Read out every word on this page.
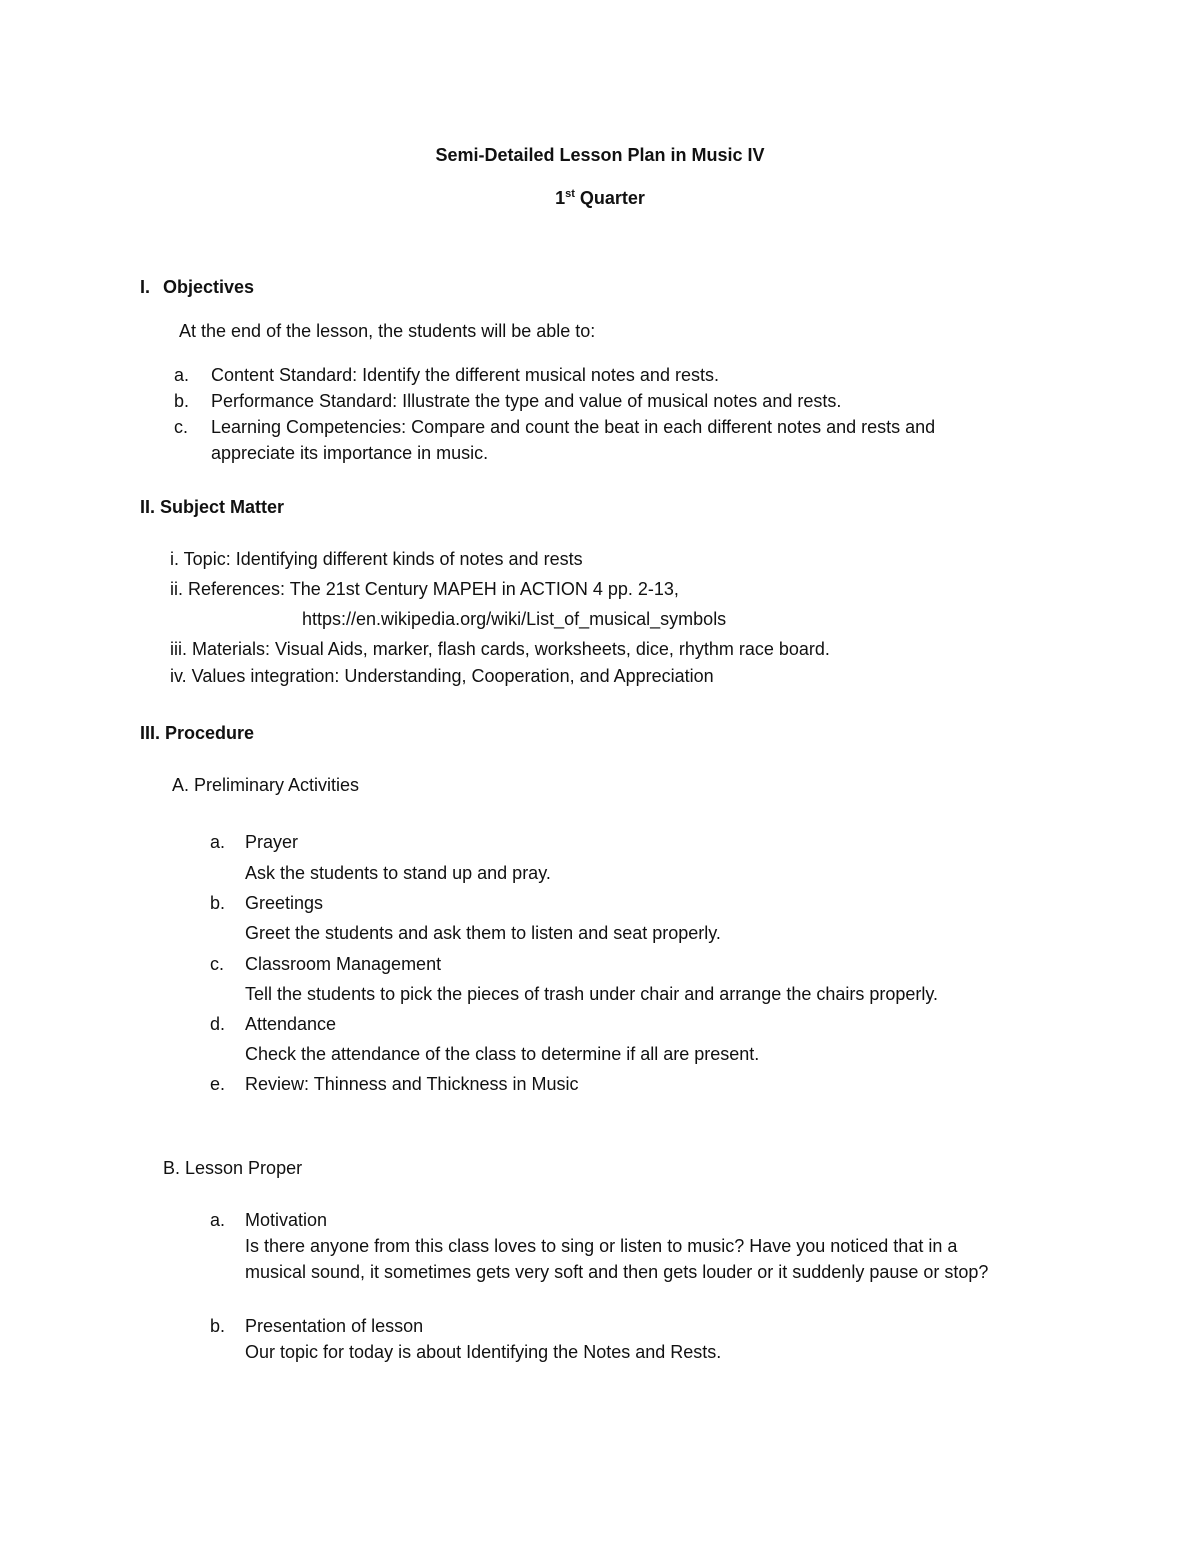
Semi-Detailed Lesson Plan in Music IV
1st Quarter
I. Objectives
At the end of the lesson, the students will be able to:
a. Content Standard: Identify the different musical notes and rests.
b. Performance Standard: Illustrate the type and value of musical notes and rests.
c. Learning Competencies: Compare and count the beat in each different notes and rests and
appreciate its importance in music.
II. Subject Matter
i. Topic: Identifying different kinds of notes and rests
ii. References: The 21st Century MAPEH in ACTION 4 pp. 2-13,
https://en.wikipedia.org/wiki/List_of_musical_symbols
iii. Materials: Visual Aids, marker, flash cards, worksheets, dice, rhythm race board.
iv. Values integration: Understanding, Cooperation, and Appreciation
III. Procedure
A. Preliminary Activities
a. Prayer
Ask the students to stand up and pray.
b. Greetings
Greet the students and ask them to listen and seat properly.
c. Classroom Management
Tell the students to pick the pieces of trash under chair and arrange the chairs properly.
d. Attendance
Check the attendance of the class to determine if all are present.
e. Review: Thinness and Thickness in Music
B. Lesson Proper
a. Motivation
Is there anyone from this class loves to sing or listen to music? Have you noticed that in a
musical sound, it sometimes gets very soft and then gets louder or it suddenly pause or stop?
b. Presentation of lesson
Our topic for today is about Identifying the Notes and Rests.
